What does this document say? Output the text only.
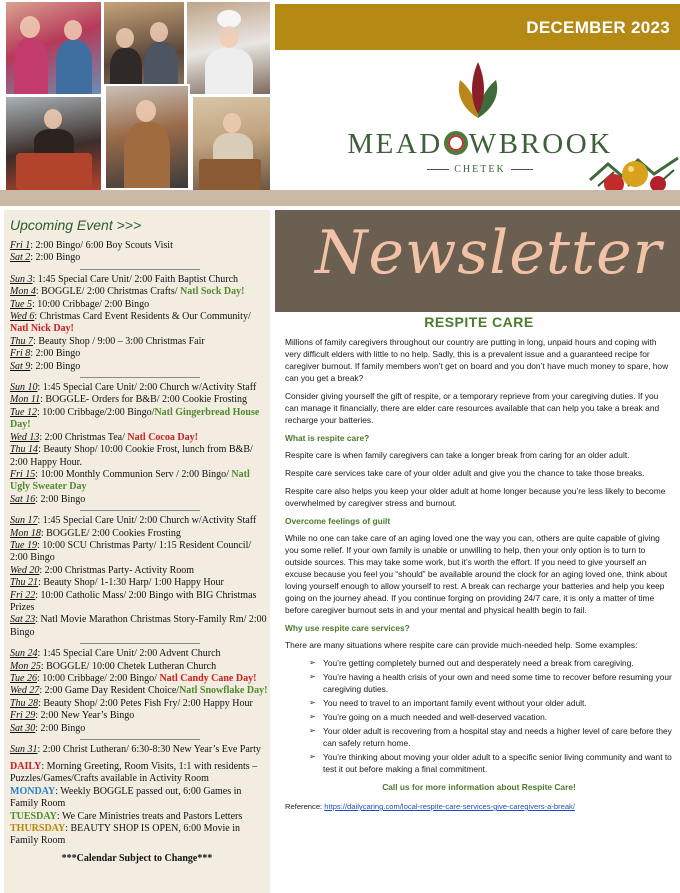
DECEMBER 2023
MEAD WBROOK
CHETEK
Newsletter
Upcoming Event >>>
Fri 1: 2:00 Bingo/ 6:00 Boy Scouts Visit
Sat 2: 2:00 Bingo
Sun 3: 1:45 Special Care Unit/ 2:00 Faith Baptist Church
Mon 4: BOGGLE/ 2:00 Christmas Crafts/ Natl Sock Day!
Tue 5: 10:00 Cribbage/ 2:00 Bingo
Wed 6: Christmas Card Event Residents & Our Community/ Natl Nick Day!
Thu 7: Beauty Shop / 9:00 – 3:00 Christmas Fair
Fri 8: 2:00 Bingo
Sat 9: 2:00 Bingo
Sun 10: 1:45 Special Care Unit/ 2:00 Church w/Activity Staff
Mon 11: BOGGLE- Orders for B&B/ 2:00 Cookie Frosting
Tue 12: 10:00 Cribbage/2:00 Bingo/Natl Gingerbread House Day!
Wed 13: 2:00 Christmas Tea/ Natl Cocoa Day!
Thu 14: Beauty Shop/ 10:00 Cookie Frost, lunch from B&B/ 2:00 Happy Hour.
Fri 15: 10:00 Monthly Communion Serv / 2:00 Bingo/ Natl Ugly Sweater Day
Sat 16: 2:00 Bingo
Sun 17: 1:45 Special Care Unit/ 2:00 Church w/Activity Staff
Mon 18: BOGGLE/ 2:00 Cookies Frosting
Tue 19: 10:00 SCU Christmas Party/ 1:15 Resident Council/ 2:00 Bingo
Wed 20: 2:00 Christmas Party- Activity Room
Thu 21: Beauty Shop/ 1-1:30 Harp/ 1:00 Happy Hour
Fri 22: 10:00 Catholic Mass/ 2:00 Bingo with BIG Christmas Prizes
Sat 23: Natl Movie Marathon Christmas Story-Family Rm/ 2:00 Bingo
Sun 24: 1:45 Special Care Unit/ 2:00 Advent Church
Mon 25: BOGGLE/ 10:00 Chetek Lutheran Church
Tue 26: 10:00 Cribbage/ 2:00 Bingo/ Natl Candy Cane Day!
Wed 27: 2:00 Game Day Resident Choice/Natl Snowflake Day!
Thu 28: Beauty Shop/ 2:00 Petes Fish Fry/ 2:00 Happy Hour
Fri 29: 2:00 New Year’s Bingo
Sat 30: 2:00 Bingo
Sun 31: 2:00 Christ Lutheran/ 6:30-8:30 New Year’s Eve Party
DAILY: Morning Greeting, Room Visits, 1:1 with residents – Puzzles/Games/Crafts available in Activity Room
MONDAY: Weekly BOGGLE passed out, 6:00 Games in Family Room
TUESDAY: We Care Ministries treats and Pastors Letters
THURSDAY: BEAUTY SHOP IS OPEN, 6:00 Movie in Family Room
***Calendar Subject to Change***
RESPITE CARE

Millions of family caregivers throughout our country are putting in long, unpaid hours and coping with very difficult elders with little to no help. Sadly, this is a prevalent issue and a guaranteed recipe for caregiver burnout. If family members won’t get on board and you don’t have much money to spare, how can you get a break?

Consider giving yourself the gift of respite, or a temporary reprieve from your caregiving duties. If you can manage it financially, there are elder care resources available that can help you take a break and recharge your batteries.

What is respite care?

Respite care is when family caregivers can take a longer break from caring for an older adult.

Respite care services take care of your older adult and give you the chance to take those breaks.

Respite care also helps you keep your older adult at home longer because you’re less likely to become overwhelmed by caregiver stress and burnout.

Overcome feelings of guilt

While no one can take care of an aging loved one the way you can, others are quite capable of giving you some relief. If your own family is unable or unwilling to help, then your only option is to turn to outside sources. This may take some work, but it’s worth the effort. If you need to give yourself an excuse because you feel you “should” be available around the clock for an aging loved one, think about loving yourself enough to allow yourself to rest. A break can recharge your batteries and help you keep going on the journey ahead. If you continue forging on providing 24/7 care, it is only a matter of time before caregiver burnout sets in and your mental and physical health begin to fail.

Why use respite care services?

There are many situations where respite care can provide much-needed help. Some examples:

➢ You’re getting completely burned out and desperately need a break from caregiving.
➢ You’re having a health crisis of your own and need some time to recover before resuming your caregiving duties.
➢ You need to travel to an important family event without your older adult.
➢ You’re going on a much needed and well-deserved vacation.
➢ Your older adult is recovering from a hospital stay and needs a higher level of care before they can safely return home.
➢ You’re thinking about moving your older adult to a specific senior living community and want to test it out before making a final commitment.
Call us for more information about Respite Care!
Reference: https://dailycaring.com/local-respite-care-services-give-caregivers-a-break/
